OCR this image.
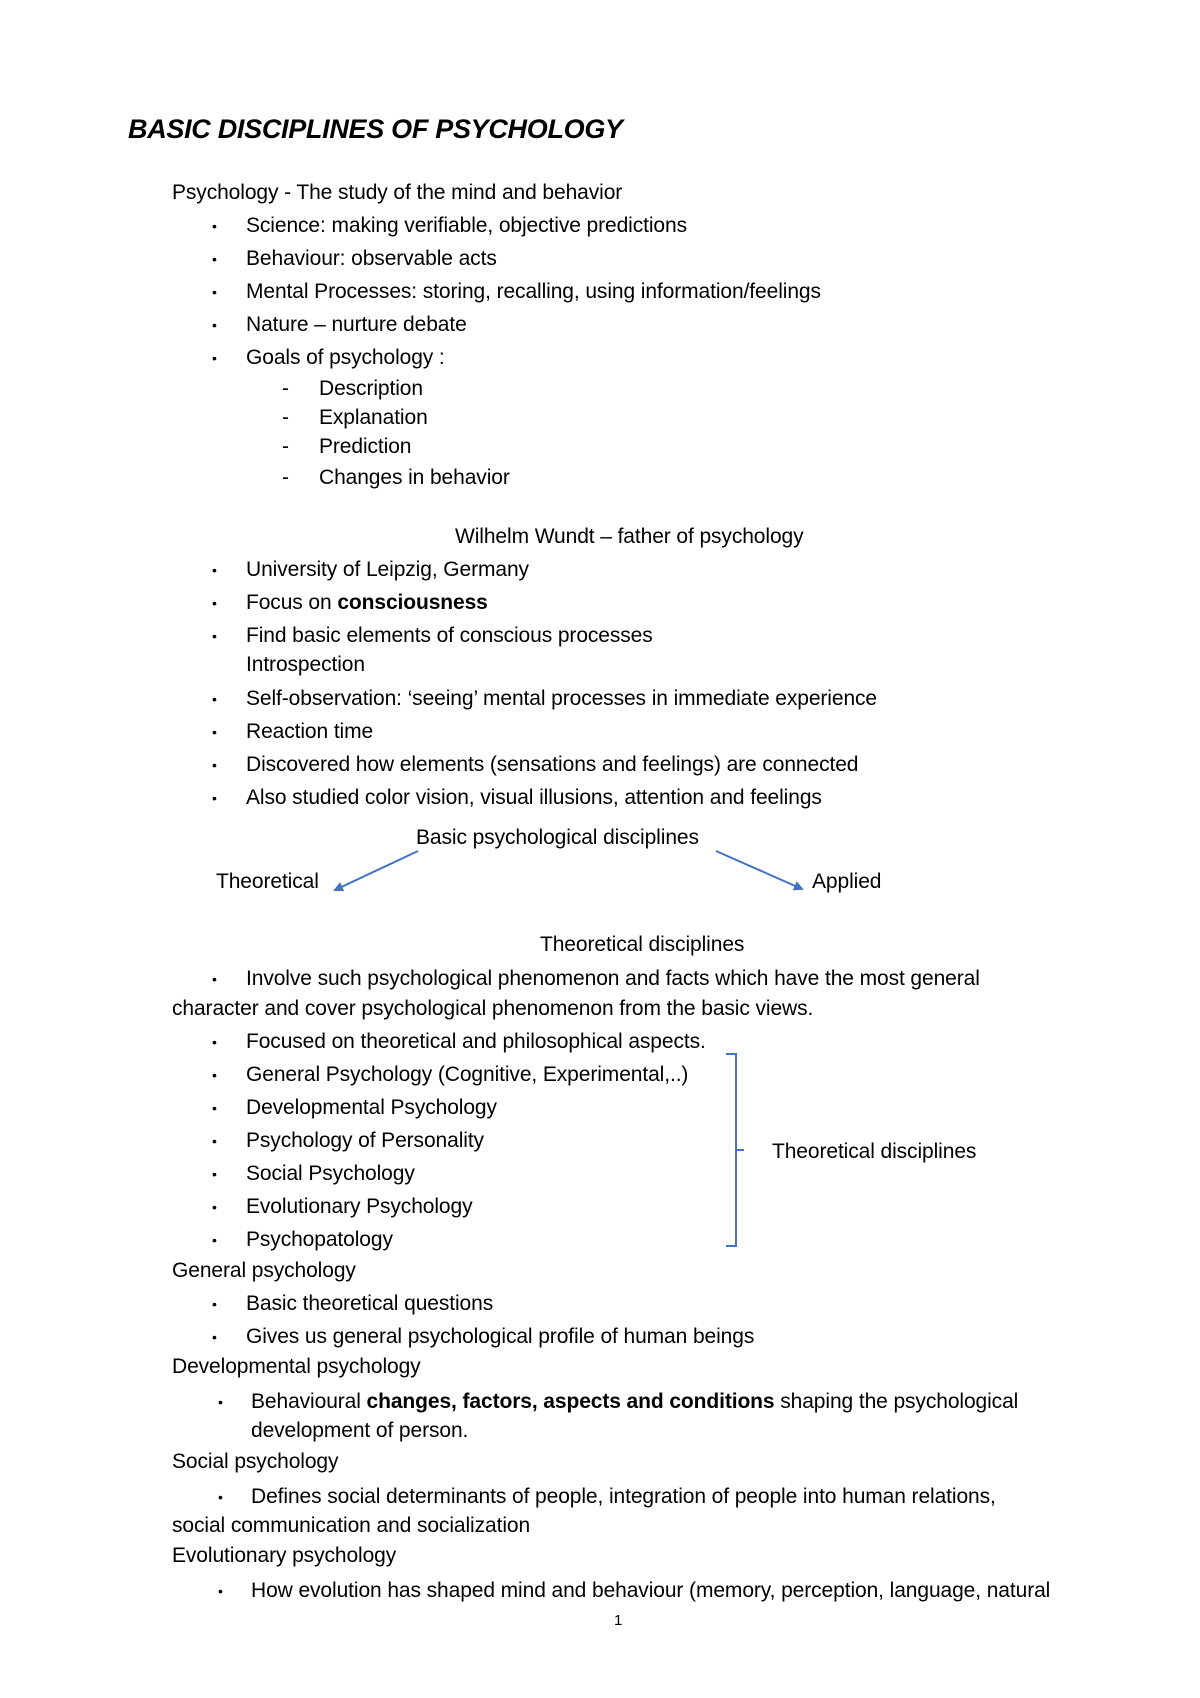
BASIC DISCIPLINES OF PSYCHOLOGY
Psychology - The study of the mind and behavior
• Science: making verifiable, objective predictions
• Behaviour: observable acts
• Mental Processes: storing, recalling, using information/feelings
• Nature – nurture debate
• Goals of psychology :
- Description
- Explanation
- Prediction
- Changes in behavior
Wilhelm Wundt – father of psychology
• University of Leipzig, Germany
• Focus on consciousness
• Find basic elements of conscious processes
Introspection
• Self-observation: ‘seeing’ mental processes in immediate experience
• Reaction time
• Discovered how elements (sensations and feelings) are connected
• Also studied color vision, visual illusions, attention and feelings
Basic psychological disciplines
Theoretical	Applied
Theoretical disciplines
• Involve such psychological phenomenon and facts which have the most general
character and cover psychological phenomenon from the basic views.
• Focused on theoretical and philosophical aspects.
• General Psychology (Cognitive, Experimental,..)
• Developmental Psychology
• Psychology of Personality
• Social Psychology
• Evolutionary Psychology
• Psychopatology
Theoretical disciplines
General psychology
• Basic theoretical questions
• Gives us general psychological profile of human beings
Developmental psychology
• Behavioural changes, factors, aspects and conditions shaping the psychological
development of person.
Social psychology
• Defines social determinants of people, integration of people into human relations,
social communication and socialization
Evolutionary psychology
• How evolution has shaped mind and behaviour (memory, perception, language, natural
1
